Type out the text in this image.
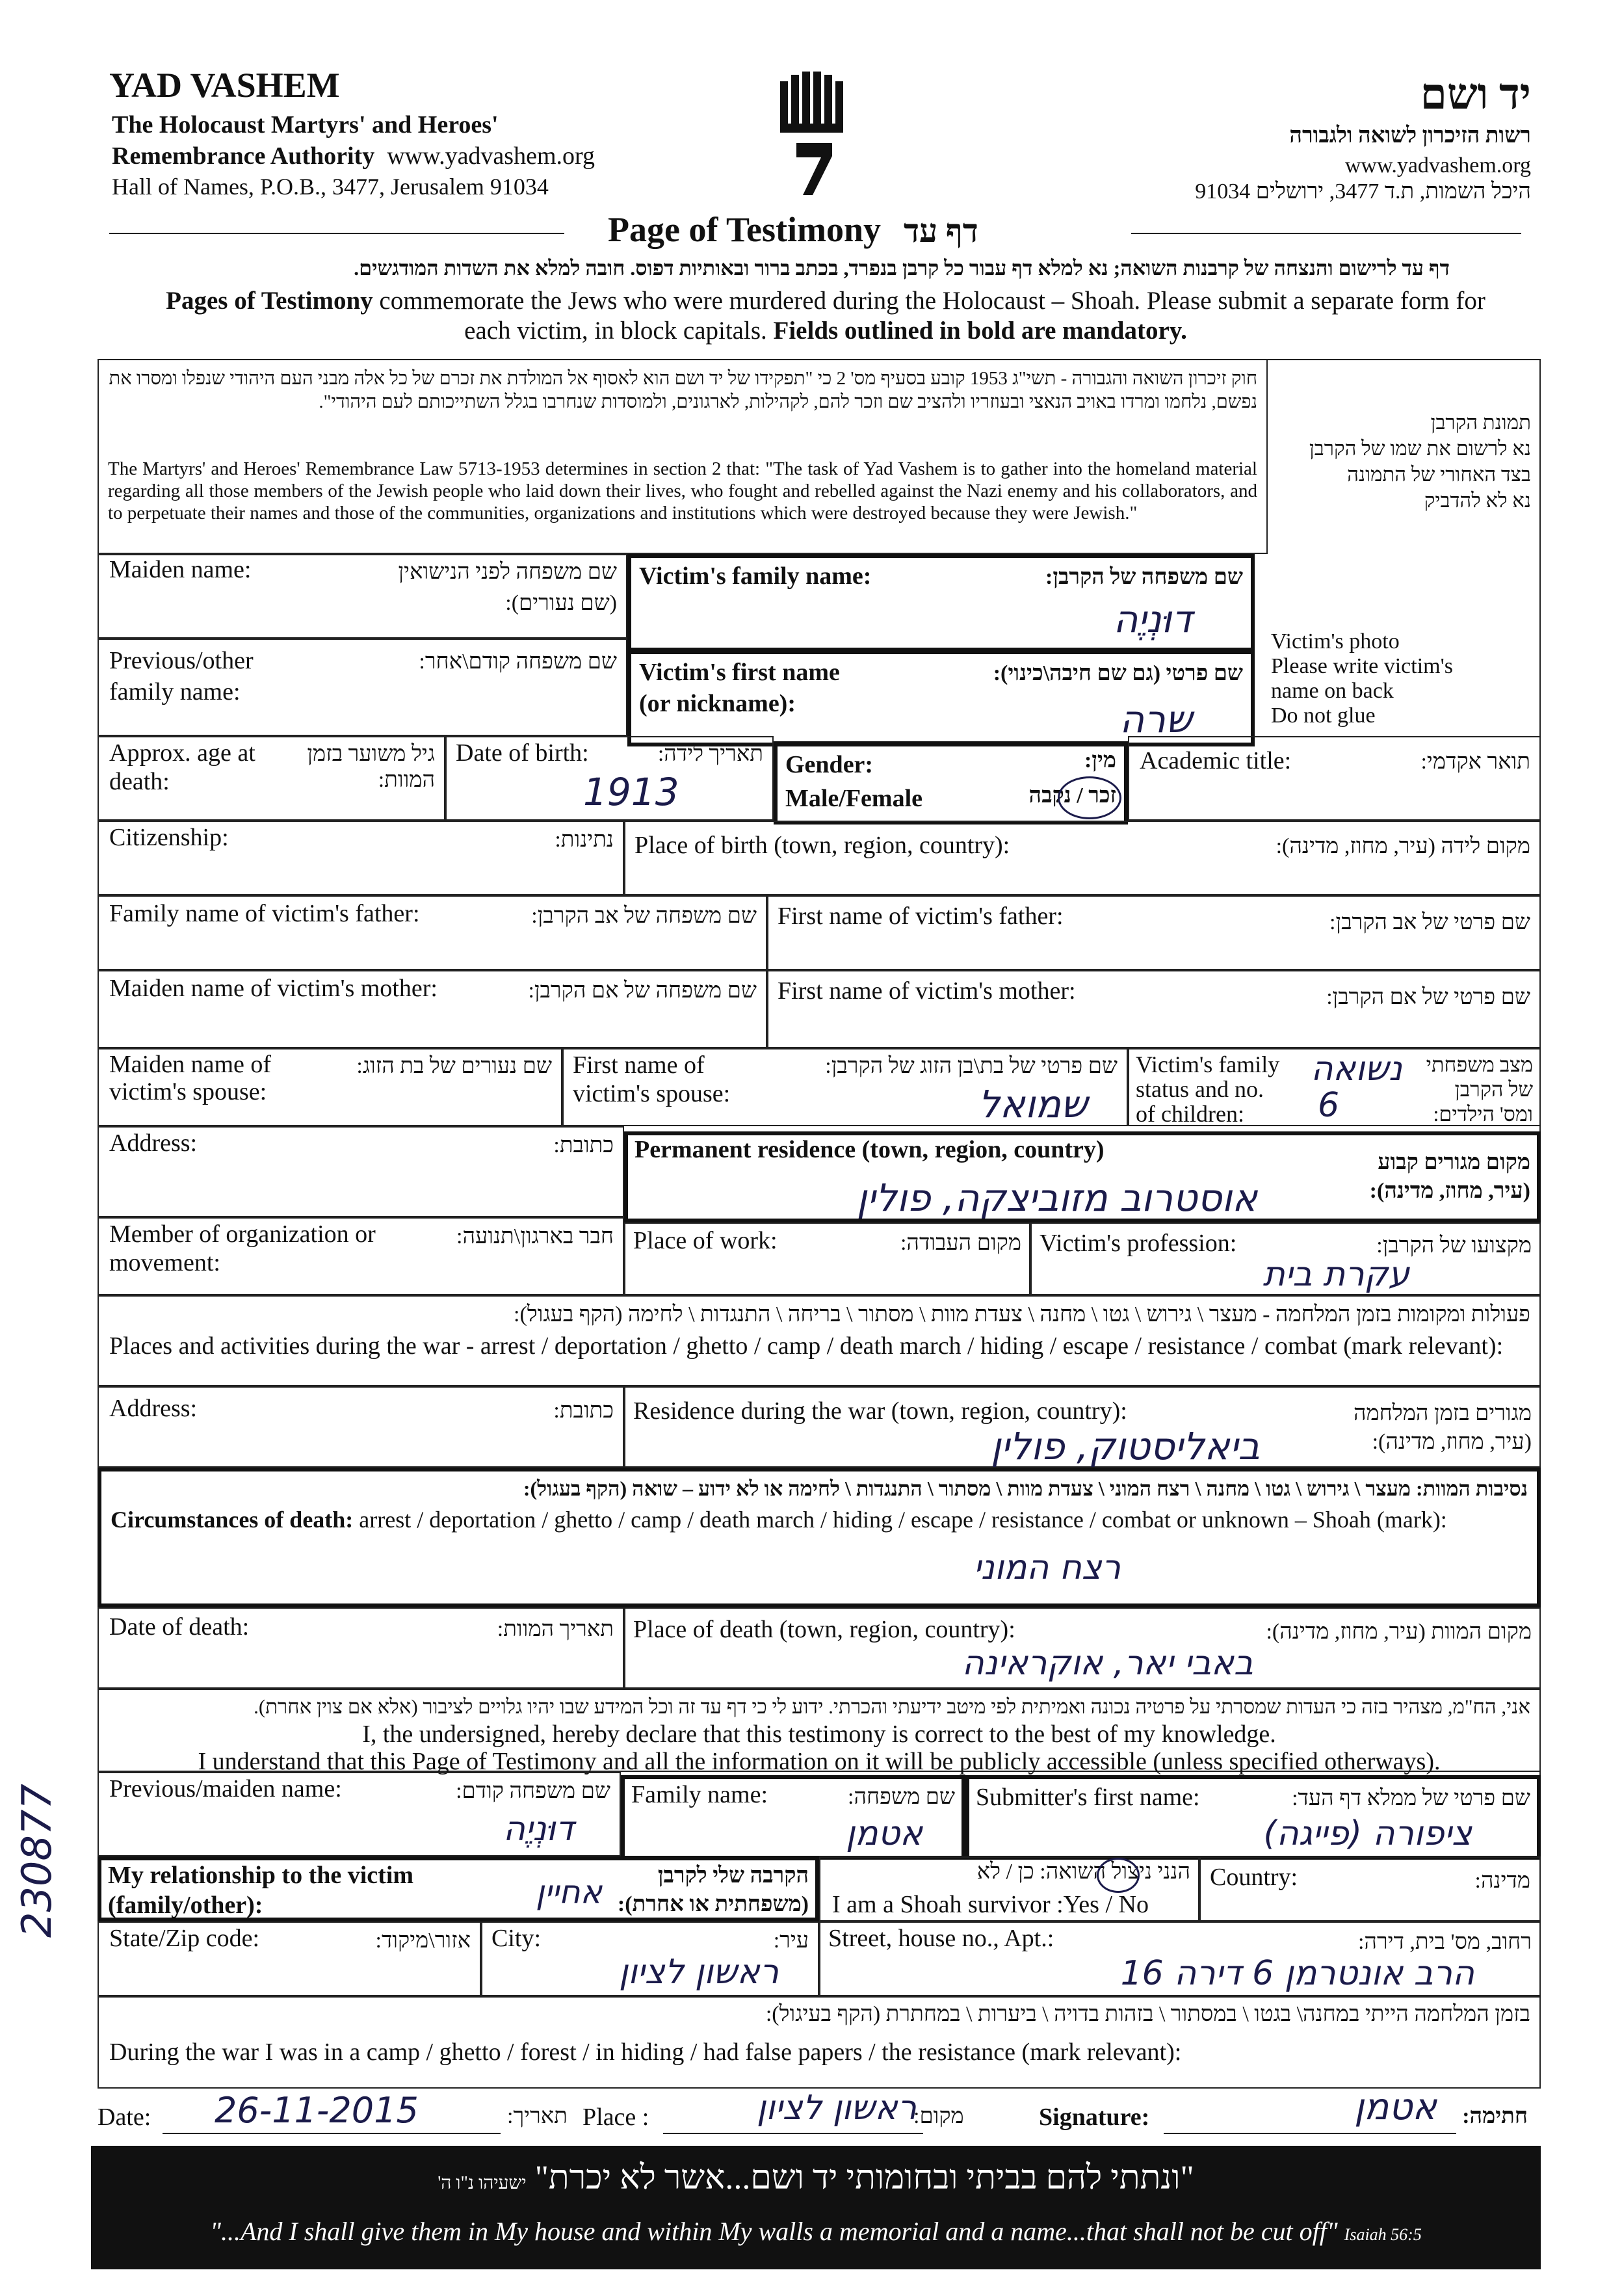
YAD VASHEM
The Holocaust Martyrs' and Heroes'
Remembrance Authority www.yadvashem.org
Hall of Names, P.O.B., 3477, Jerusalem 91034
יד ושם
רשות הזיכרון לשואה ולגבורה
www.yadvashem.org
היכל השמות, ת.ד 3477, ירושלים 91034
Page of Testimony דף עד
דף עד לרישום והנצחה של קרבנות השואה; נא למלא דף עבור כל קרבן בנפרד, בכתב ברור ובאותיות דפוס. חובה למלא את השדות המודגשים.
Pages of Testimony commemorate the Jews who were murdered during the Holocaust – Shoah. Please submit a separate form for
each victim, in block capitals. Fields outlined in bold are mandatory.
חוק זיכרון השואה והגבורה - תשי"ג 1953 קובע בסעיף מס' 2 כי "תפקידו של יד ושם הוא לאסוף אל המולדת את זכרם של כל אלה מבני העם היהודי שנפלו ומסרו את נפשם, נלחמו ומרדו באויב הנאצי ובעוזריו ולהציב שם וזכר להם, לקהילות, לארגונים, ולמוסדות שנחרבו בגלל השתייכותם לעם היהודי".
The Martyrs' and Heroes' Remembrance Law 5713-1953 determines in section 2 that: "The task of Yad Vashem is to gather into the homeland material regarding all those members of the Jewish people who laid down their lives, who fought and rebelled against the Nazi enemy and his collaborators, and to perpetuate their names and those of the communities, organizations and institutions which were destroyed because they were Jewish."
תמונת הקרבן
נא לרשום את שמו של הקרבן
בצד האחורי של התמונה
נא לא להדביק
Victim's photo
Please write victim's
name on back
Do not glue
Maiden name:	שם משפחה לפני הנישואין
(שם נעורים):
Victim's family name:	שם משפחה של הקרבן:
דוּנְיֶה
Previous/other
family name:
שם משפחה קודם\אחר: Victim's first name
(or nickname):
שם פרטי (גם שם חיבה\כינוי):
שרה
Approx. age at
death:
גיל משוער בזמן
המוות:
Date of birth:	תאריך לידה:
1913
Gender:
Male/Female
מין:
זכר / נקבה
Academic title:	תואר אקדמי:
Citizenship:	נתינות: Place of birth (town, region, country):	מקום לידה (עיר, מחוז, מדינה):
Family name of victim's father:	שם משפחה של אב הקרבן: First name of victim's father:	שם פרטי של אב הקרבן:
Maiden name of victim's mother:	שם משפחה של אם הקרבן: First name of victim's mother:	שם פרטי של אם הקרבן:
Maiden name of
victim's spouse:
שם נעורים של בת הזוג: First name of
victim's spouse:
שם פרטי של בת\בן הזוג של הקרבן:
שמואל
Victim's family
status and no.
of children:
מצב משפחתי
של הקרבן
ומס' הילדים:
נשואה
6
Address:	כתובת: Permanent residence (town, region, country)	מקום מגורים קבוע
(עיר, מחוז, מדינה):
אוסטרוב מזוביצקה, פולין
Member of organization or
movement:
חבר בארגון\תנועה: Place of work:	מקום העבודה: Victim's profession:	מקצועו של הקרבן:
עקרת בית
פעולות ומקומות בזמן המלחמה - מעצר \ גירוש \ גטו \ מחנה \ צעדת מוות \ מסתור \ בריחה \ התנגדות \ לחימה (הקף בעגול):
Places and activities during the war - arrest / deportation / ghetto / camp / death march / hiding / escape / resistance / combat (mark relevant):
Address:	כתובת: Residence during the war (town, region, country):	מגורים בזמן המלחמה
(עיר, מחוז, מדינה):
ביאליסטוק, פולין
נסיבות המוות: מעצר \ גירוש \ גטו \ מחנה \ רצח המוני \ צעדת מוות \ מסתור \ התנגדות \ לחימה או לא ידוע – שואה (הקף בעגול):
Circumstances of death: arrest / deportation / ghetto / camp / death march / hiding / escape / resistance / combat or unknown – Shoah (mark):
רצח המוני
Date of death:	תאריך המוות: Place of death (town, region, country):	מקום המוות (עיר, מחוז, מדינה):
באבי יאר, אוקראינה
אני, הח"מ, מצהיר בזה כי העדות שמסרתי על פרטיה נכונה ואמיתית לפי מיטב ידיעתי והכרתי. ידוע לי כי דף עד זה וכל המידע שבו יהיו גלויים לציבור (אלא אם צוין אחרת).
I, the undersigned, hereby declare that this testimony is correct to the best of my knowledge.
I understand that this Page of Testimony and all the information on it will be publicly accessible (unless specified otherways).
Previous/maiden name:	שם משפחה קודם:
דוּנְיֶה
Family name:	שם משפחה:
אטמן
Submitter's first name:	שם פרטי של ממלא דף העד:
ציפורה (פייגה)
My relationship to the victim
(family/other):
הקרבה שלי לקרבן
(משפחתית או אחרת):
אחיין
הנני ניצול השואה: כן / לא
I am a Shoah survivor :Yes / No
Country:	מדינה:
State/Zip code:	אזור\מיקוד: City:	עיר:
ראשון לציון
Street, house no., Apt.:	רחוב, מס' בית, דירה:
הרב אונטרמן 6 דירה 16
בזמן המלחמה הייתי במחנה\ בגטו \ במסתור \ בזהות בדויה \ ביערות \ במחתרת (הקף בעיגול):
During the war I was in a camp / ghetto / forest / in hiding / had false papers / the resistance (mark relevant):
Date: 26-11-2015	תאריך: Place :	ראשון לציון
מקום:	Signature:	אטמן חתימה:
"ונתתי להם בביתי ובחומותי יד ושם...אשר לא יכרת" ישעיהו נ"ו ה'
"...And I shall give them in My house and within My walls a memorial and a name...that shall not be cut off" Isaiah 56:5
230877
